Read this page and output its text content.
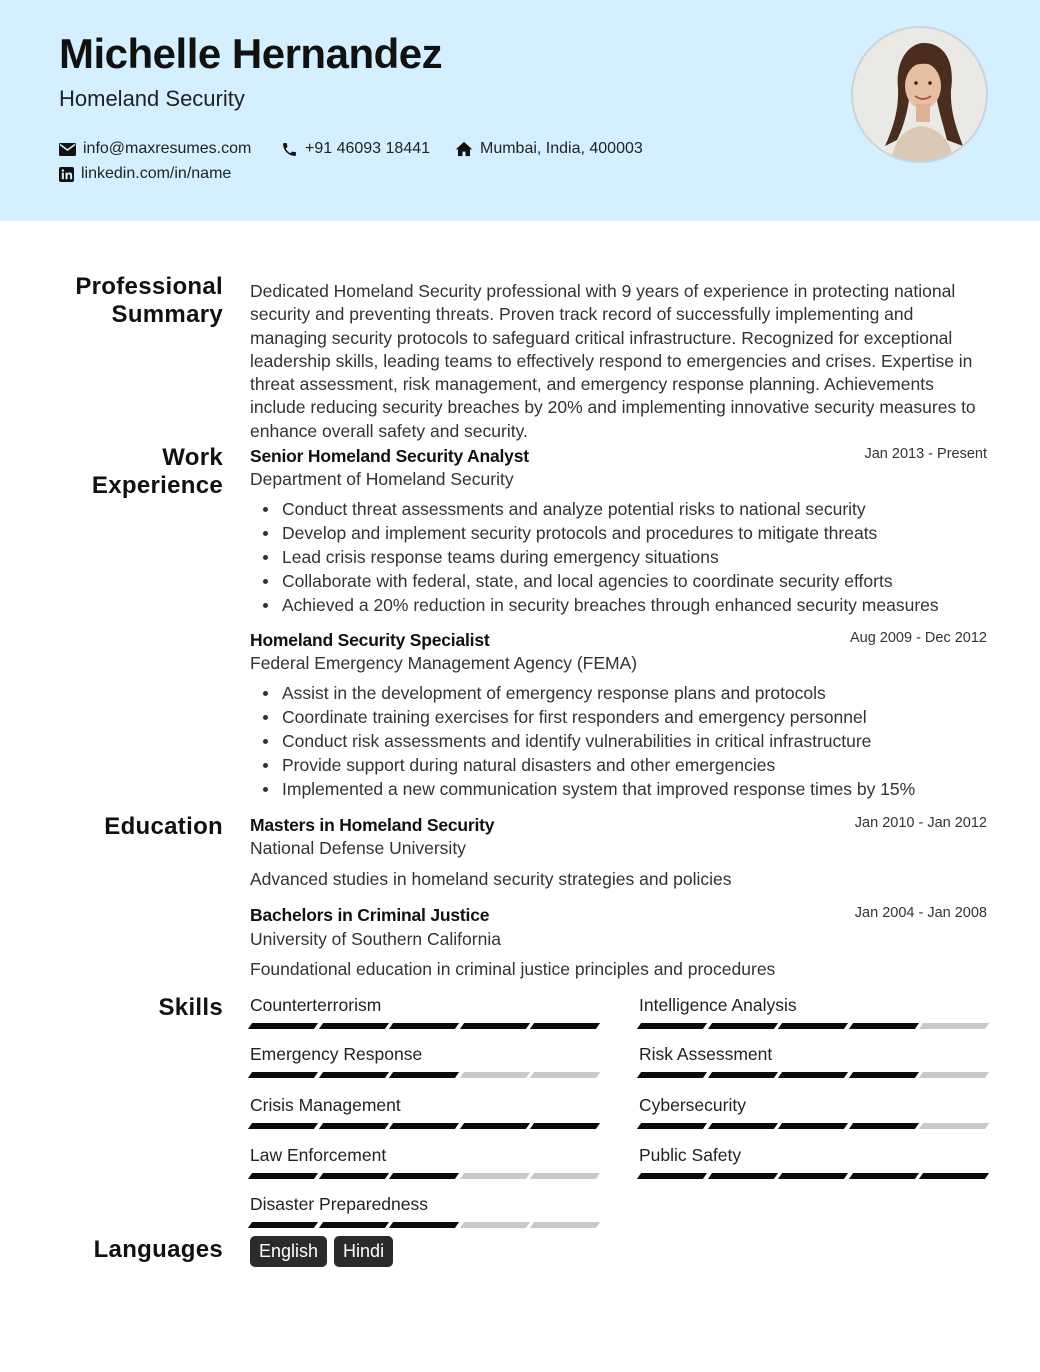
Michelle Hernandez
Homeland Security
info@maxresumes.com	+91 46093 18441	Mumbai, India, 400003
linkedin.com/in/name
Professional
Summary
Work
Experience
Education
Skills
Languages
Dedicated Homeland Security professional with 9 years of experience in protecting national security and preventing threats. Proven track record of successfully implementing and managing security protocols to safeguard critical infrastructure. Recognized for exceptional leadership skills, leading teams to effectively respond to emergencies and crises. Expertise in threat assessment, risk management, and emergency response planning. Achievements include reducing security breaches by 20% and implementing innovative security measures to enhance overall safety and security.
Senior Homeland Security Analyst	Jan 2013 - Present
Department of Homeland Security
Conduct threat assessments and analyze potential risks to national security
Develop and implement security protocols and procedures to mitigate threats
Lead crisis response teams during emergency situations
Collaborate with federal, state, and local agencies to coordinate security efforts
Achieved a 20% reduction in security breaches through enhanced security measures
Homeland Security Specialist	Aug 2009 - Dec 2012
Federal Emergency Management Agency (FEMA)
Assist in the development of emergency response plans and protocols
Coordinate training exercises for first responders and emergency personnel
Conduct risk assessments and identify vulnerabilities in critical infrastructure
Provide support during natural disasters and other emergencies
Implemented a new communication system that improved response times by 15%
Masters in Homeland Security	Jan 2010 - Jan 2012
National Defense University
Advanced studies in homeland security strategies and policies
Bachelors in Criminal Justice	Jan 2004 - Jan 2008
University of Southern California
Foundational education in criminal justice principles and procedures
Counterterrorism	Intelligence Analysis
Emergency Response	Risk Assessment
Crisis Management	Cybersecurity
Law Enforcement	Public Safety
Disaster Preparedness
English	Hindi
